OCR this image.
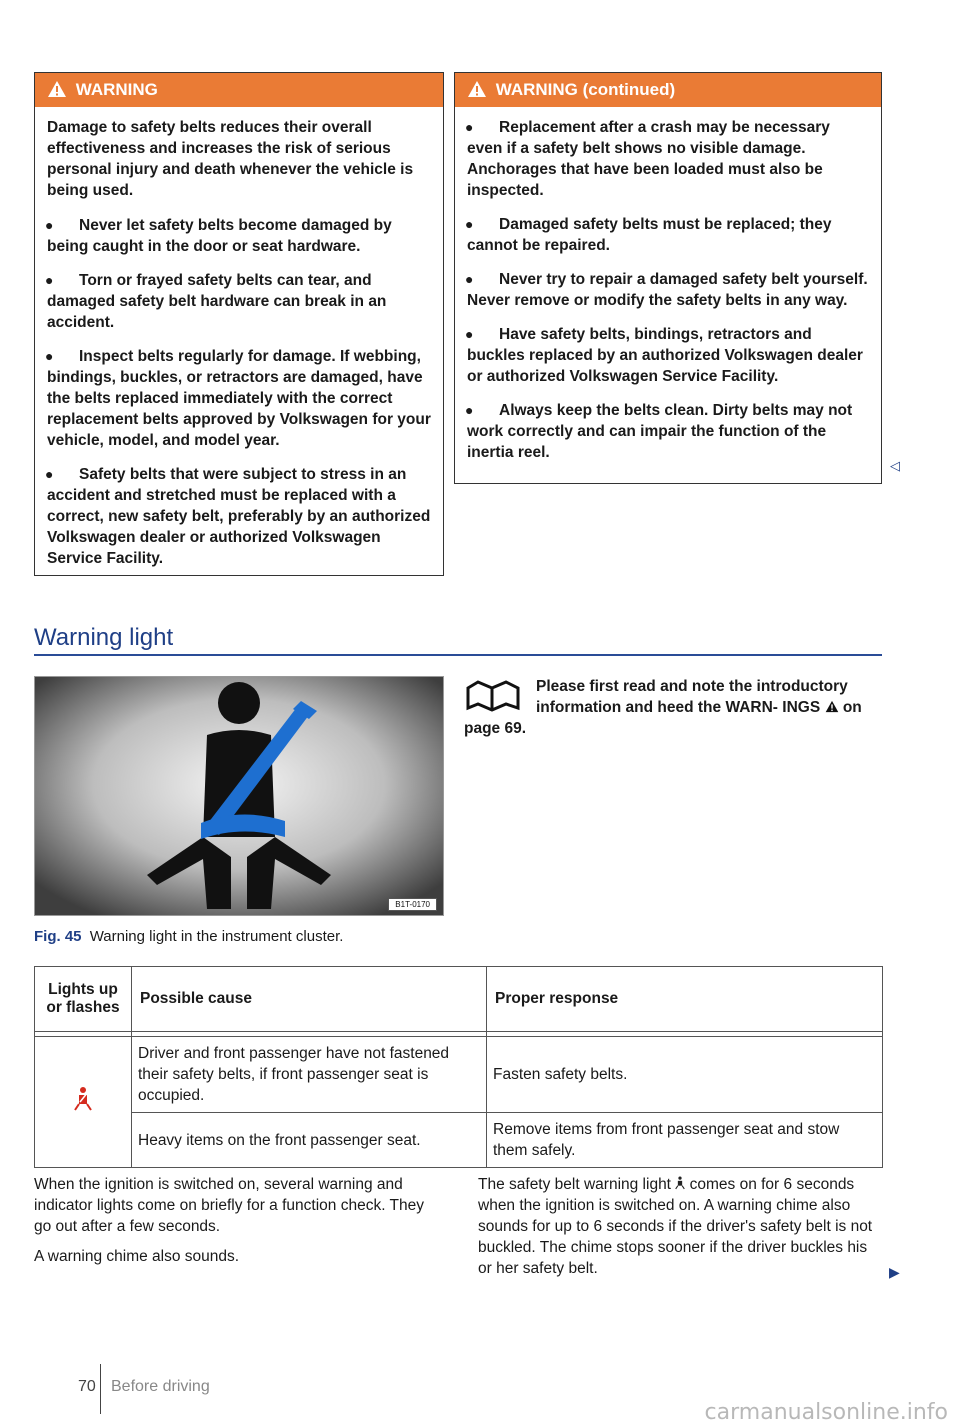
WARNING

Damage to safety belts reduces their overall effectiveness and increases the risk of serious personal injury and death whenever the vehicle is being used.

●	Never let safety belts become damaged by being caught in the door or seat hardware.
●	Torn or frayed safety belts can tear, and damaged safety belt hardware can break in an accident.
●	Inspect belts regularly for damage. If webbing, bindings, buckles, or retractors are damaged, have the belts replaced immediately with the correct replacement belts approved by Volkswagen for your vehicle, model, and model year.
●	Safety belts that were subject to stress in an accident and stretched must be replaced with a correct, new safety belt, preferably by an authorized Volkswagen dealer or authorized Volkswagen Service Facility.
WARNING (continued)
●	Replacement after a crash may be necessary even if a safety belt shows no visible damage. Anchorages that have been loaded must also be inspected.
●	Damaged safety belts must be replaced; they cannot be repaired.
●	Never try to repair a damaged safety belt yourself. Never remove or modify the safety belts in any way.
●	Have safety belts, bindings, retractors and buckles replaced by an authorized Volkswagen dealer or authorized Volkswagen Service Facility.
●	Always keep the belts clean. Dirty belts may not work correctly and can impair the function of the inertia reel.
◁
Warning light
B1T-0170
Fig. 45 Warning light in the instrument cluster.
Please first read and note the introductory information and heed the WARN- INGS on page 69.
Lights up or flashes	Possible cause	Proper response

	Driver and front passenger have not fastened their safety belts, if front passenger seat is occupied.	Fasten safety belts.
	Heavy items on the front passenger seat.	Remove items from front passenger seat and stow them safely.
When the ignition is switched on, several warning and indicator lights come on briefly for a function check. They go out after a few seconds.
A warning chime also sounds.
The safety belt warning light comes on for 6 seconds when the ignition is switched on. A warning chime also sounds for up to 6 seconds if the driver's safety belt is not buckled. The chime stops sooner if the driver buckles his or her safety belt.	▶
70 Before driving
carmanualsonline.info
